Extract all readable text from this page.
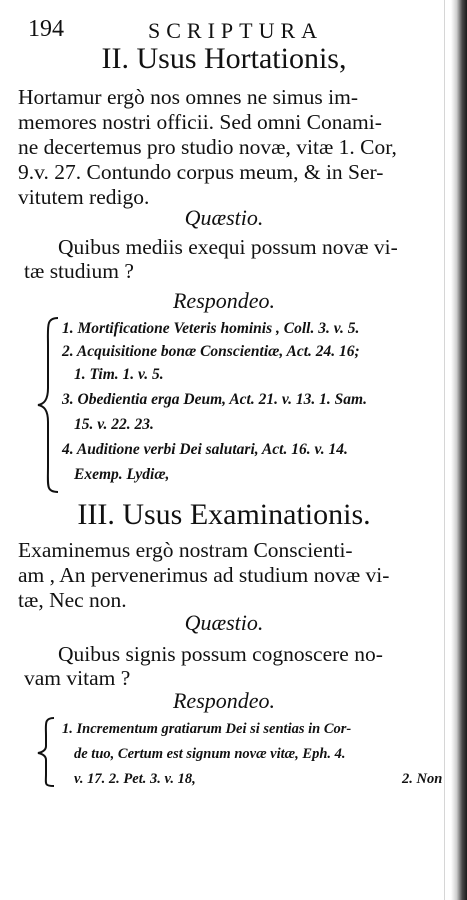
194	SCRIPTURA
II. Usus Hortationis,
Hortamur ergò nos omnes ne simus im-
memores nostri officii. Sed omni Conami-
ne decertemus pro studio novæ, vitæ 1. Cor,
9.v. 27. Contundo corpus meum, & in Ser-
vitutem redigo.
Quæstio.
Quibus mediis exequi possum novæ vi-
tæ studium ?
Respondeo.
1. Mortificatione Veteris hominis , Coll. 3. v. 5.
2. Acquisitione bonæ Conscientiæ, Act. 24. 16;
1. Tim. 1. v. 5.
3. Obedientia erga Deum, Act. 21. v. 13. 1. Sam.
15. v. 22. 23.
4. Auditione verbi Dei salutari, Act. 16. v. 14.
Exemp. Lydiæ,
III. Usus Examinationis.
Examinemus ergò nostram Conscienti-
am , An pervenerimus ad studium novæ vi-
tæ, Nec non.
Quæstio.
Quibus signis possum cognoscere no-
vam vitam ?
Respondeo.
1. Incrementum gratiarum Dei si sentias in Cor-
de tuo, Certum est signum novæ vitæ, Eph. 4.
v. 17. 2. Pet. 3. v. 18,	2. Non
